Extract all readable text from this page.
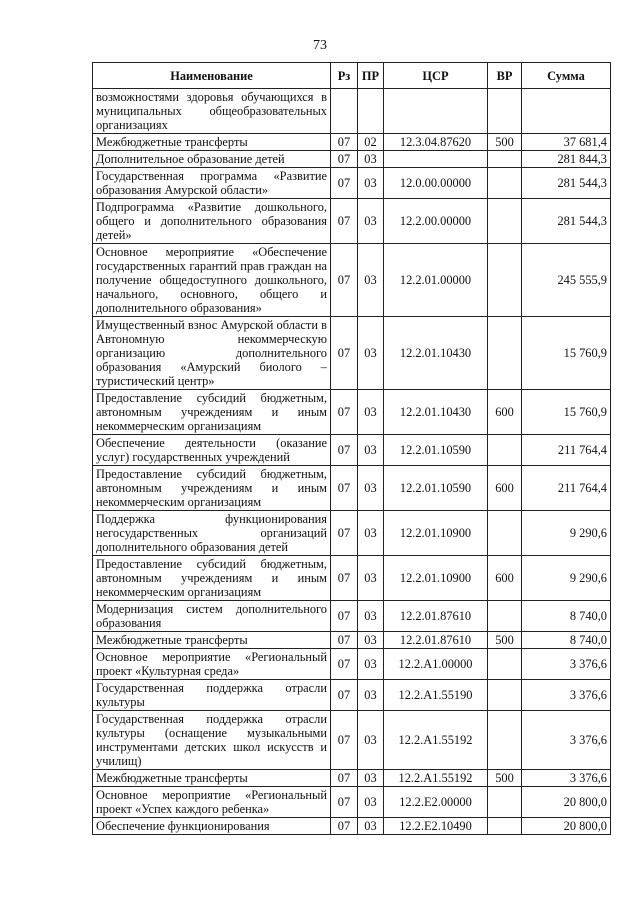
73
Наименование	Рз	ПР	ЦСР	ВР	Сумма
возможностями здоровья обучающихся в муниципальных общеобразовательных организациях					
Межбюджетные трансферты	07	02	12.3.04.87620	500	37 681,4
Дополнительное образование детей	07	03			281 844,3
Государственная программа «Развитие образования Амурской области»	07	03	12.0.00.00000		281 544,3
Подпрограмма «Развитие дошкольного, общего и дополнительного образования детей»	07	03	12.2.00.00000		281 544,3
Основное мероприятие «Обеспечение государственных гарантий прав граждан на получение общедоступного дошкольного, начального, основного, общего и дополнительного образования»	07	03	12.2.01.00000		245 555,9
Имущественный взнос Амурской области в Автономную некоммерческую организацию дополнительного образования «Амурский биолого – туристический центр»	07	03	12.2.01.10430		15 760,9
Предоставление субсидий бюджетным, автономным учреждениям и иным некоммерческим организациям	07	03	12.2.01.10430	600	15 760,9
Обеспечение деятельности (оказание услуг) государственных учреждений	07	03	12.2.01.10590		211 764,4
Предоставление субсидий бюджетным, автономным учреждениям и иным некоммерческим организациям	07	03	12.2.01.10590	600	211 764,4
Поддержка функционирования негосударственных организаций дополнительного образования детей	07	03	12.2.01.10900		9 290,6
Предоставление субсидий бюджетным, автономным учреждениям и иным некоммерческим организациям	07	03	12.2.01.10900	600	9 290,6
Модернизация систем дополнительного образования	07	03	12.2.01.87610		8 740,0
Межбюджетные трансферты	07	03	12.2.01.87610	500	8 740,0
Основное мероприятие «Региональный проект «Культурная среда»	07	03	12.2.А1.00000		3 376,6
Государственная поддержка отрасли культуры	07	03	12.2.А1.55190		3 376,6
Государственная поддержка отрасли культуры (оснащение музыкальными инструментами детских школ искусств и училищ)	07	03	12.2.А1.55192		3 376,6
Межбюджетные трансферты	07	03	12.2.А1.55192	500	3 376,6
Основное мероприятие «Региональный проект «Успех каждого ребенка»	07	03	12.2.Е2.00000		20 800,0
Обеспечение функционирования	07	03	12.2.Е2.10490		20 800,0
